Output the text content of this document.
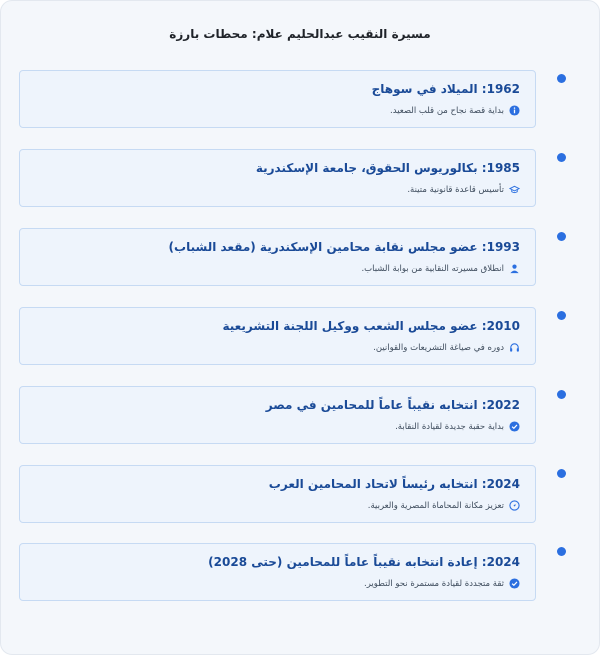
مسيرة النقيب عبدالحليم علام: محطات بارزة
1962: الميلاد في سوهاج
بداية قصة نجاح من قلب الصعيد.
1985: بكالوريوس الحقوق، جامعة الإسكندرية
تأسيس قاعدة قانونية متينة.
1993: عضو مجلس نقابة محامين الإسكندرية (مقعد الشباب)
انطلاق مسيرته النقابية من بوابة الشباب.
2010: عضو مجلس الشعب ووكيل اللجنة التشريعية
دوره في صياغة التشريعات والقوانين.
2022: انتخابه نقيباً عاماً للمحامين في مصر
بداية حقبة جديدة لقيادة النقابة.
2024: انتخابه رئيساً لاتحاد المحامين العرب
تعزيز مكانة المحاماة المصرية والعربية.
2024: إعادة انتخابه نقيباً عاماً للمحامين (حتى 2028)
ثقة متجددة لقيادة مستمرة نحو التطوير.
